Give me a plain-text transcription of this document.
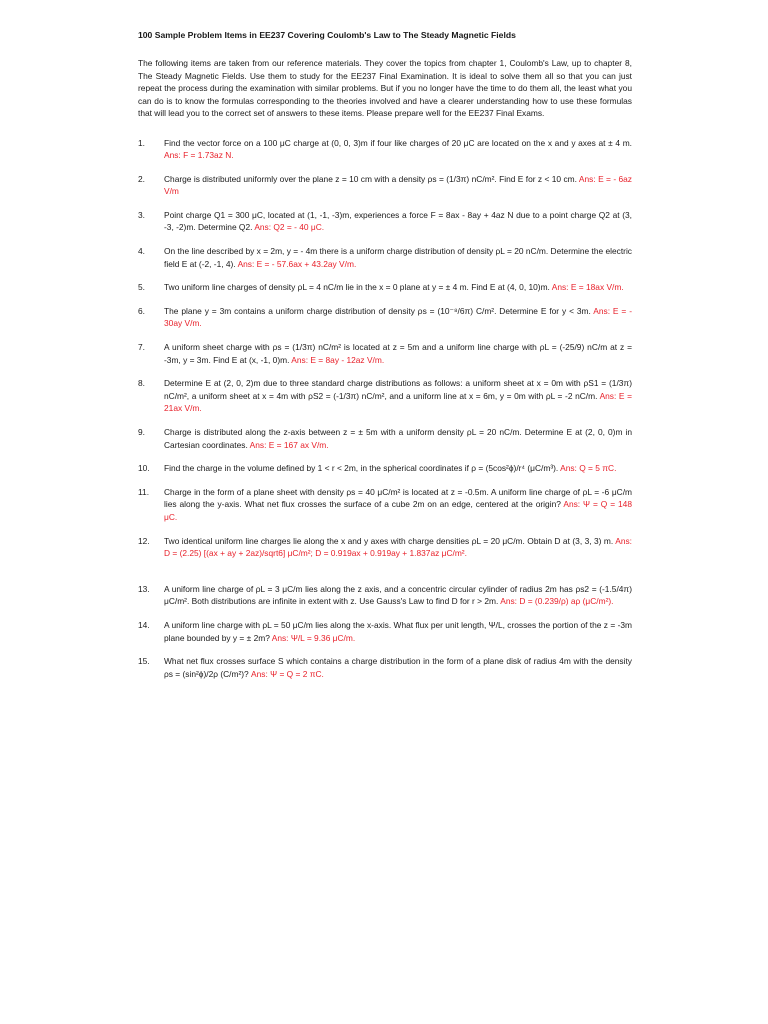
100 Sample Problem Items in EE237 Covering Coulomb's Law to The Steady Magnetic Fields
The following items are taken from our reference materials. They cover the topics from chapter 1, Coulomb's Law, up to chapter 8, The Steady Magnetic Fields. Use them to study for the EE237 Final Examination. It is ideal to solve them all so that you can just repeat the process during the examination with similar problems. But if you no longer have the time to do them all, the least what you can do is to know the formulas corresponding to the theories involved and have a clearer understanding how to use these formulas that will lead you to the correct set of answers to these items. Please prepare well for the EE237 Final Exams.
1.	Find the vector force on a 100 μC charge at (0, 0, 3)m if four like charges of 20 μC are located on the x and y axes at ± 4 m. Ans: F = 1.73az N.
2.	Charge is distributed uniformly over the plane z = 10 cm with a density ρs = (1/3π) nC/m². Find E for z < 10 cm. Ans: E = - 6az V/m
3.	Point charge Q1 = 300 μC, located at (1, -1, -3)m, experiences a force F = 8ax - 8ay + 4az N due to a point charge Q2 at (3, -3, -2)m. Determine Q2. Ans: Q2 = - 40 μC.
4.	On the line described by x = 2m, y = - 4m there is a uniform charge distribution of density ρL = 20 nC/m. Determine the electric field E at (-2, -1, 4). Ans: E = - 57.6ax + 43.2ay V/m.
5.	Two uniform line charges of density ρL = 4 nC/m lie in the x = 0 plane at y = ± 4 m. Find E at (4, 0, 10)m. Ans: E = 18ax V/m.
6.	The plane y = 3m contains a uniform charge distribution of density ρs = (10⁻⁸/6π) C/m². Determine E for y < 3m. Ans: E = - 30ay V/m.
7.	A uniform sheet charge with ρs = (1/3π) nC/m² is located at z = 5m and a uniform line charge with ρL = (-25/9) nC/m at z = -3m, y = 3m. Find E at (x, -1, 0)m. Ans: E = 8ay - 12az V/m.
8.	Determine E at (2, 0, 2)m due to three standard charge distributions as follows: a uniform sheet at x = 0m with ρS1 = (1/3π) nC/m², a uniform sheet at x = 4m with ρS2 = (-1/3π) nC/m², and a uniform line at x = 6m, y = 0m with ρL = -2 nC/m. Ans: E = 21ax V/m.
9.	Charge is distributed along the z-axis between z = ± 5m with a uniform density ρL = 20 nC/m. Determine E at (2, 0, 0)m in Cartesian coordinates. Ans: E = 167 ax V/m.
10.	Find the charge in the volume defined by 1 < r < 2m, in the spherical coordinates if ρ = (5cos²ϕ)/r⁴ (μC/m³). Ans: Q = 5 πC.
11.	Charge in the form of a plane sheet with density ρs = 40 μC/m² is located at z = -0.5m. A uniform line charge of ρL = -6 μC/m lies along the y-axis. What net flux crosses the surface of a cube 2m on an edge, centered at the origin? Ans: Ψ = Q = 148 μC.
12.	Two identical uniform line charges lie along the x and y axes with charge densities ρL = 20 μC/m. Obtain D at (3, 3, 3) m. Ans: D = (2.25) [(ax + ay + 2az)/sqrt6] μC/m²; D = 0.919ax + 0.919ay + 1.837az μC/m².
13.	A uniform line charge of ρL = 3 μC/m lies along the z axis, and a concentric circular cylinder of radius 2m has ρs2 = (-1.5/4π) μC/m². Both distributions are infinite in extent with z. Use Gauss's Law to find D for r > 2m. Ans: D = (0.239/ρ) aρ (μC/m²).
14.	A uniform line charge with ρL = 50 μC/m lies along the x-axis. What flux per unit length, Ψ/L, crosses the portion of the z = -3m plane bounded by y = ± 2m? Ans: Ψ/L = 9.36 μC/m.
15.	What net flux crosses surface S which contains a charge distribution in the form of a plane disk of radius 4m with the density ρs = (sin²ϕ)/2ρ (C/m²)? Ans: Ψ = Q = 2 πC.
